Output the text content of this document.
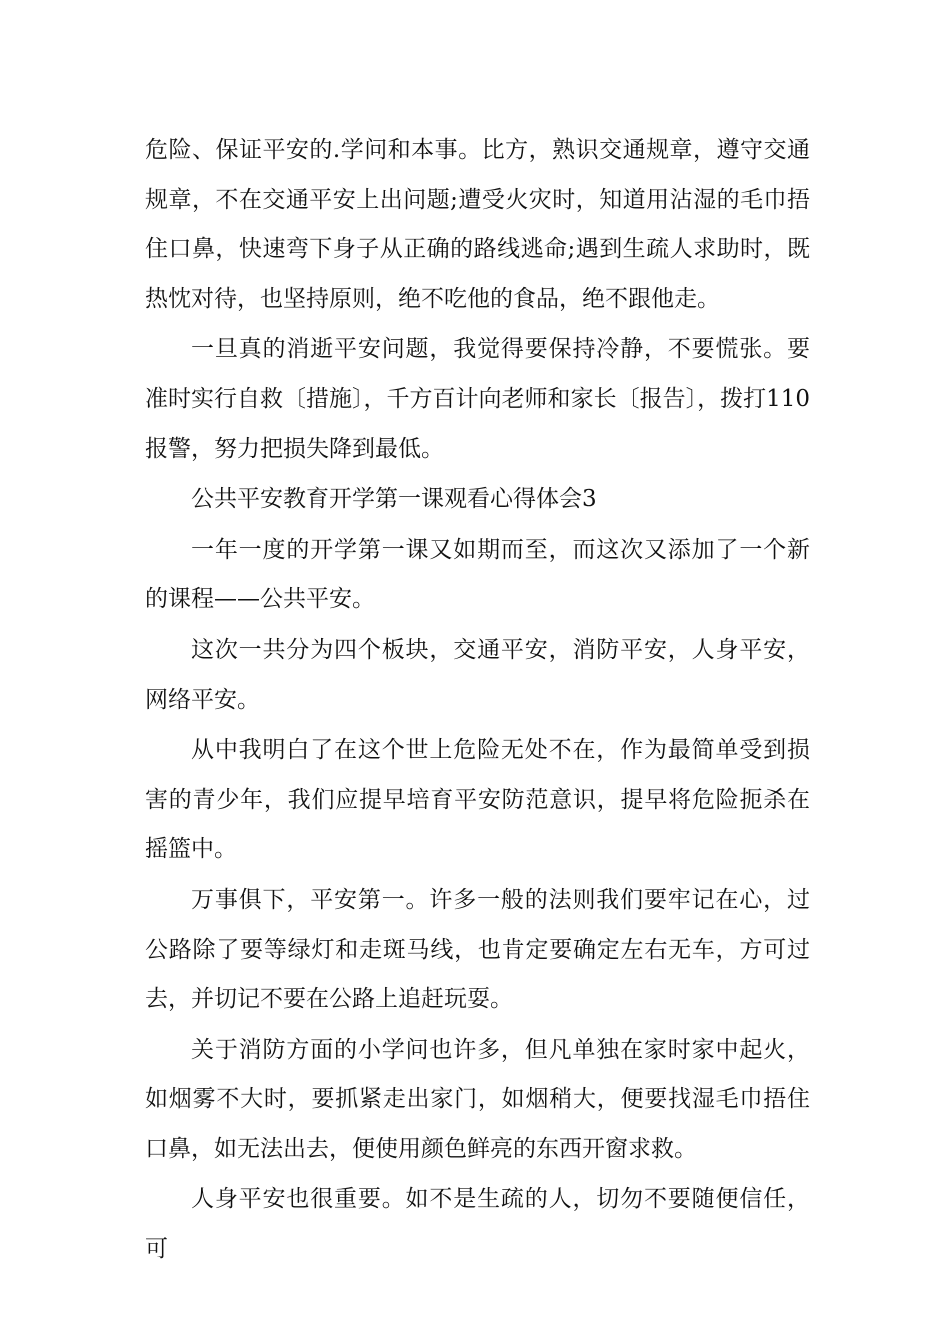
危险、保证平安的.学问和本事。比方，熟识交通规章，遵守交通规章，不在交通平安上出问题;遭受火灾时，知道用沾湿的毛巾捂住口鼻，快速弯下身子从正确的路线逃命;遇到生疏人求助时，既热忱对待，也坚持原则，绝不吃他的食品，绝不跟他走。

一旦真的消逝平安问题，我觉得要保持冷静，不要慌张。要准时实行自救〔措施〕，千方百计向老师和家长〔报告〕，拨打110报警，努力把损失降到最低。

公共平安教育开学第一课观看心得体会3

一年一度的开学第一课又如期而至，而这次又添加了一个新的课程——公共平安。

这次一共分为四个板块，交通平安，消防平安，人身平安，网络平安。

从中我明白了在这个世上危险无处不在，作为最简单受到损害的青少年，我们应提早培育平安防范意识，提早将危险扼杀在摇篮中。

万事俱下，平安第一。许多一般的法则我们要牢记在心，过公路除了要等绿灯和走斑马线，也肯定要确定左右无车，方可过去，并切记不要在公路上追赶玩耍。

关于消防方面的小学问也许多，但凡单独在家时家中起火，如烟雾不大时，要抓紧走出家门，如烟稍大，便要找湿毛巾捂住口鼻，如无法出去，便使用颜色鲜亮的东西开窗求救。

人身平安也很重要。如不是生疏的人，切勿不要随便信任，可
